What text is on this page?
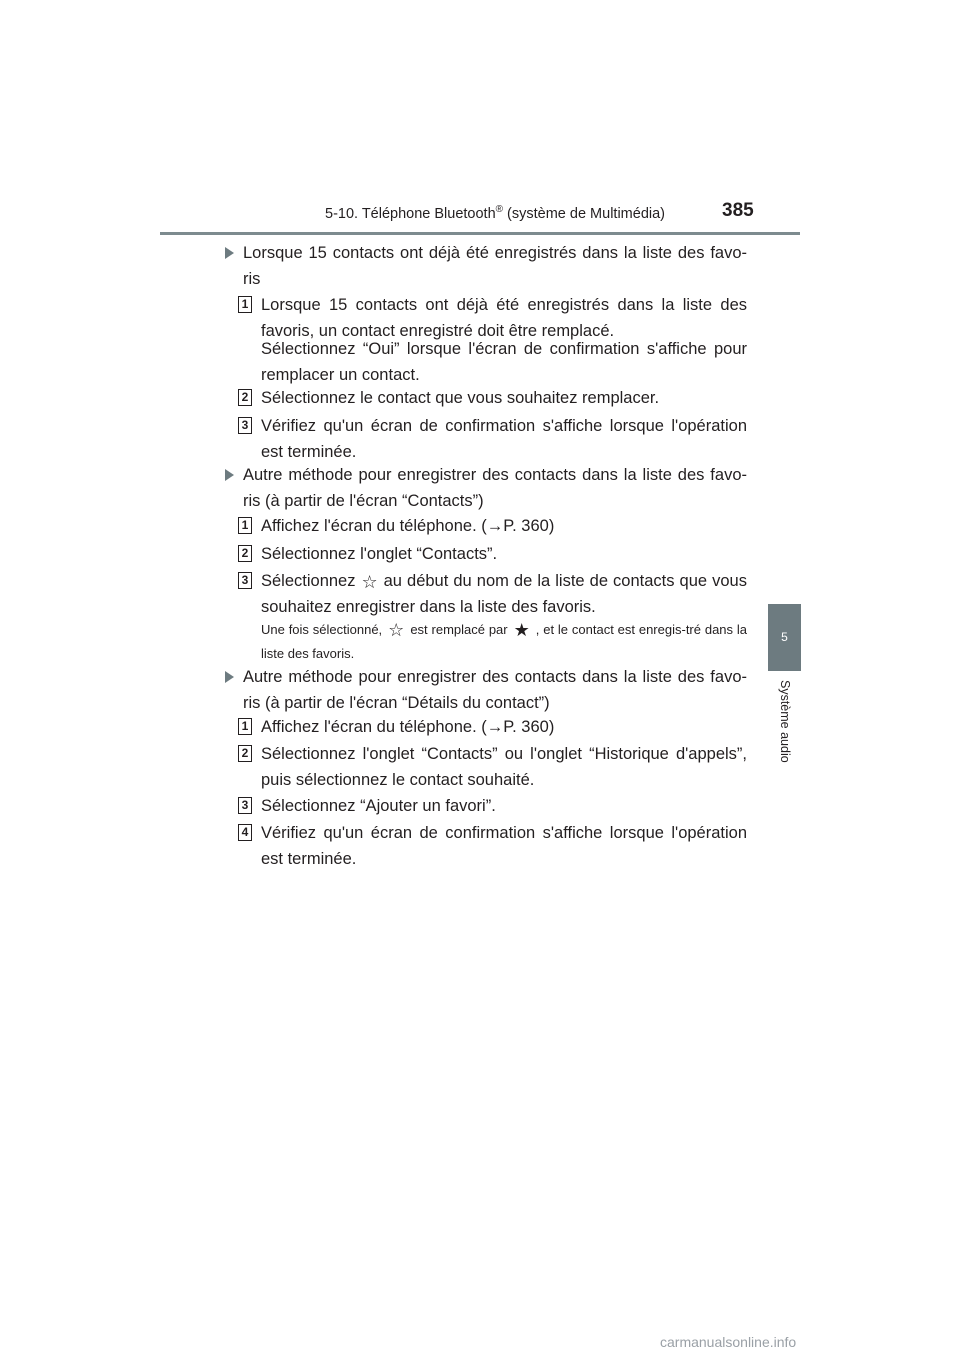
5-10. Téléphone Bluetooth® (système de Multimédia)	385
5
Système audio
Lorsque 15 contacts ont déjà été enregistrés dans la liste des favo-ris
1 Lorsque 15 contacts ont déjà été enregistrés dans la liste des favoris, un contact enregistré doit être remplacé.
Sélectionnez “Oui” lorsque l'écran de confirmation s'affiche pour remplacer un contact.
2 Sélectionnez le contact que vous souhaitez remplacer.
3 Vérifiez qu'un écran de confirmation s'affiche lorsque l'opération est terminée.
Autre méthode pour enregistrer des contacts dans la liste des favo-ris (à partir de l'écran “Contacts”)
1 Affichez l'écran du téléphone. (→P. 360)
2 Sélectionnez l'onglet “Contacts”.
3 Sélectionnez ☆ au début du nom de la liste de contacts que vous souhaitez enregistrer dans la liste des favoris.
Une fois sélectionné, ☆ est remplacé par ★ , et le contact est enregis-tré dans la liste des favoris.
Autre méthode pour enregistrer des contacts dans la liste des favo-ris (à partir de l'écran “Détails du contact”)
1 Affichez l'écran du téléphone. (→P. 360)
2 Sélectionnez l'onglet “Contacts” ou l'onglet “Historique d'appels”, puis sélectionnez le contact souhaité.
3 Sélectionnez “Ajouter un favori”.
4 Vérifiez qu'un écran de confirmation s'affiche lorsque l'opération est terminée.
carmanualsonline.info
